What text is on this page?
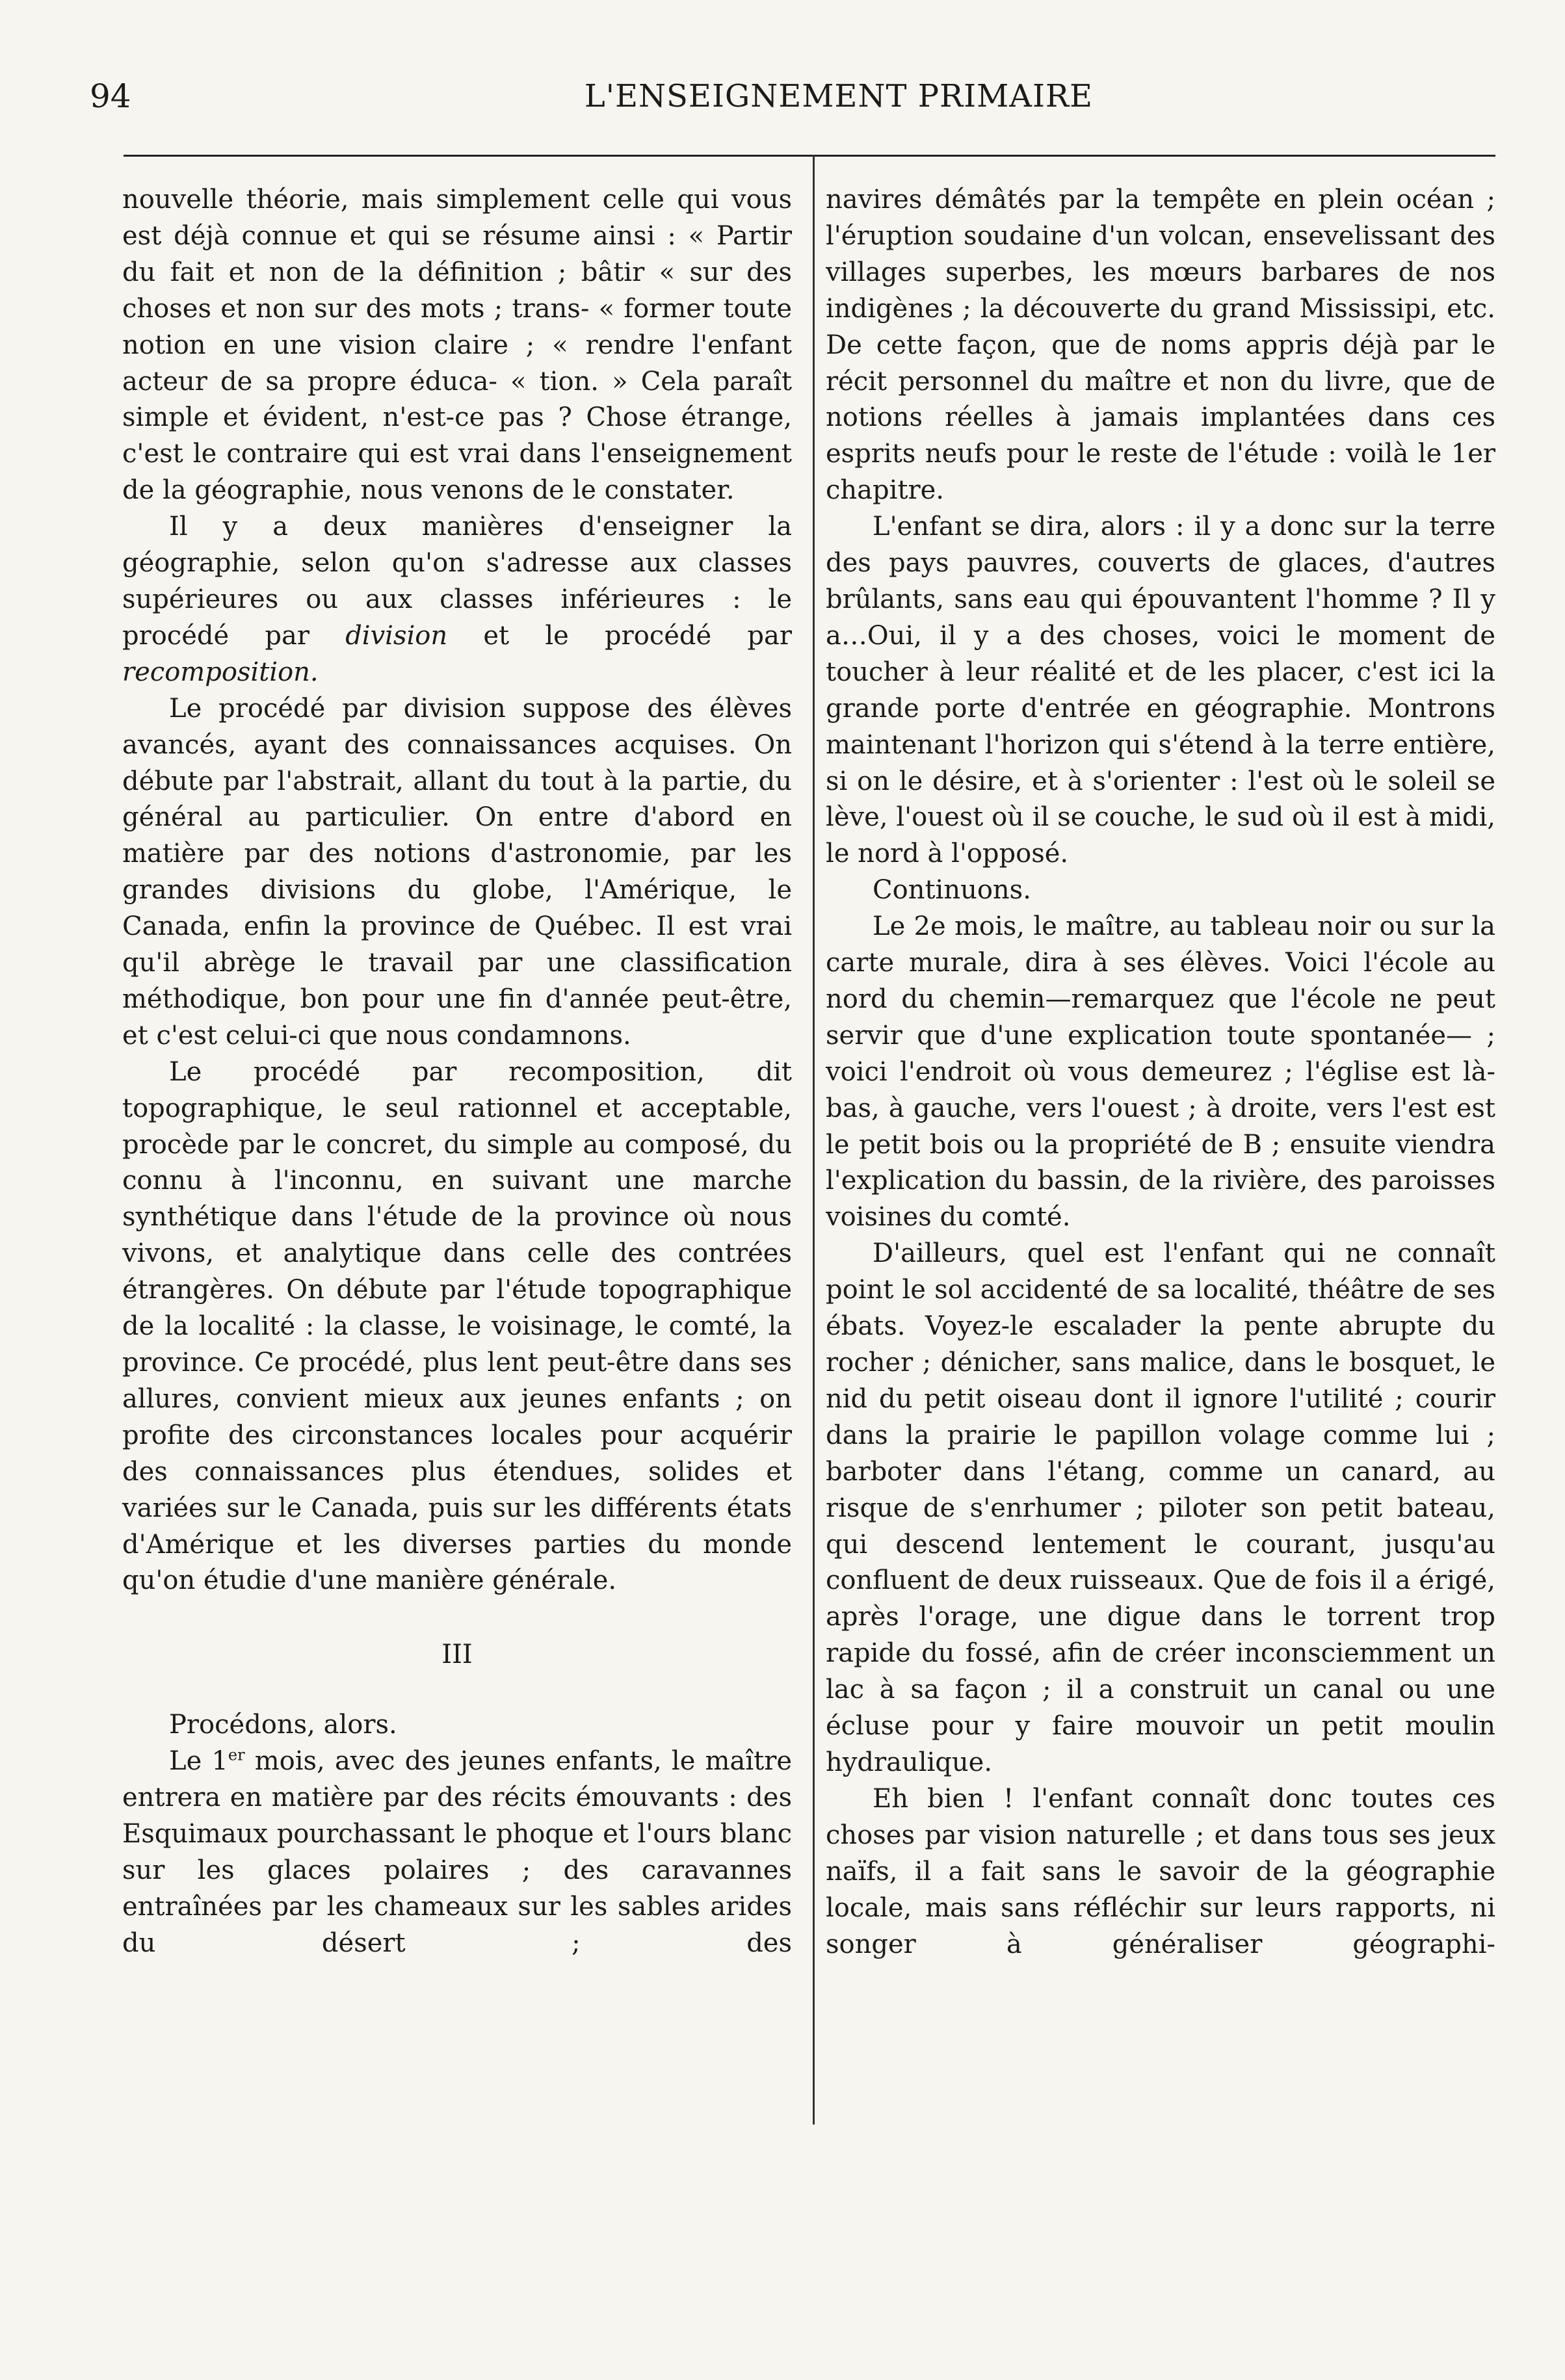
94	L'ENSEIGNEMENT PRIMAIRE

nouvelle théorie, mais simplement celle qui vous est déjà connue et qui se résume ainsi : « Partir du fait et non de la définition ; bâtir « sur des choses et non sur des mots ; trans- « former toute notion en une vision claire ; « rendre l'enfant acteur de sa propre éduca- « tion. » Cela paraît simple et évident, n'est-ce pas ? Chose étrange, c'est le contraire qui est vrai dans l'enseignement de la géographie, nous venons de le constater.

Il y a deux manières d'enseigner la géographie, selon qu'on s'adresse aux classes supérieures ou aux classes inférieures : le procédé par division et le procédé par recomposition.

Le procédé par division suppose des élèves avancés, ayant des connaissances acquises. On débute par l'abstrait, allant du tout à la partie, du général au particulier. On entre d'abord en matière par des notions d'astronomie, par les grandes divisions du globe, l'Amérique, le Canada, enfin la province de Québec. Il est vrai qu'il abrège le travail par une classification méthodique, bon pour une fin d'année peut-être, et c'est celui-ci que nous condamnons.

Le procédé par recomposition, dit topographique, le seul rationnel et acceptable, procède par le concret, du simple au composé, du connu à l'inconnu, en suivant une marche synthétique dans l'étude de la province où nous vivons, et analytique dans celle des contrées étrangères. On débute par l'étude topographique de la localité : la classe, le voisinage, le comté, la province. Ce procédé, plus lent peut-être dans ses allures, convient mieux aux jeunes enfants ; on profite des circonstances locales pour acquérir des connaissances plus étendues, solides et variées sur le Canada, puis sur les différents états d'Amérique et les diverses parties du monde qu'on étudie d'une manière générale.

III

Procédons, alors.

Le 1er mois, avec des jeunes enfants, le maître entrera en matière par des récits émouvants : des Esquimaux pourchassant le phoque et l'ours blanc sur les glaces polaires ; des caravannes entraînées par les chameaux sur les sables arides du désert ; des

navires démâtés par la tempête en plein océan ; l'éruption soudaine d'un volcan, ensevelissant des villages superbes, les mœurs barbares de nos indigènes ; la découverte du grand Mississipi, etc. De cette façon, que de noms appris déjà par le récit personnel du maître et non du livre, que de notions réelles à jamais implantées dans ces esprits neufs pour le reste de l'étude : voilà le 1er chapitre.

L'enfant se dira, alors : il y a donc sur la terre des pays pauvres, couverts de glaces, d'autres brûlants, sans eau qui épouvantent l'homme ? Il y a…Oui, il y a des choses, voici le moment de toucher à leur réalité et de les placer, c'est ici la grande porte d'entrée en géographie. Montrons maintenant l'horizon qui s'étend à la terre entière, si on le désire, et à s'orienter : l'est où le soleil se lève, l'ouest où il se couche, le sud où il est à midi, le nord à l'opposé.

Continuons.

Le 2e mois, le maître, au tableau noir ou sur la carte murale, dira à ses élèves. Voici l'école au nord du chemin—remarquez que l'école ne peut servir que d'une explication toute spontanée— ; voici l'endroit où vous demeurez ; l'église est là-bas, à gauche, vers l'ouest ; à droite, vers l'est est le petit bois ou la propriété de B ; ensuite viendra l'explication du bassin, de la rivière, des paroisses voisines du comté.

D'ailleurs, quel est l'enfant qui ne connaît point le sol accidenté de sa localité, théâtre de ses ébats. Voyez-le escalader la pente abrupte du rocher ; dénicher, sans malice, dans le bosquet, le nid du petit oiseau dont il ignore l'utilité ; courir dans la prairie le papillon volage comme lui ; barboter dans l'étang, comme un canard, au risque de s'enrhumer ; piloter son petit bateau, qui descend lentement le courant, jusqu'au confluent de deux ruisseaux. Que de fois il a érigé, après l'orage, une digue dans le torrent trop rapide du fossé, afin de créer inconsciemment un lac à sa façon ; il a construit un canal ou une écluse pour y faire mouvoir un petit moulin hydraulique.

Eh bien ! l'enfant connaît donc toutes ces choses par vision naturelle ; et dans tous ses jeux naïfs, il a fait sans le savoir de la géographie locale, mais sans réfléchir sur leurs rapports, ni songer à généraliser géographi-
